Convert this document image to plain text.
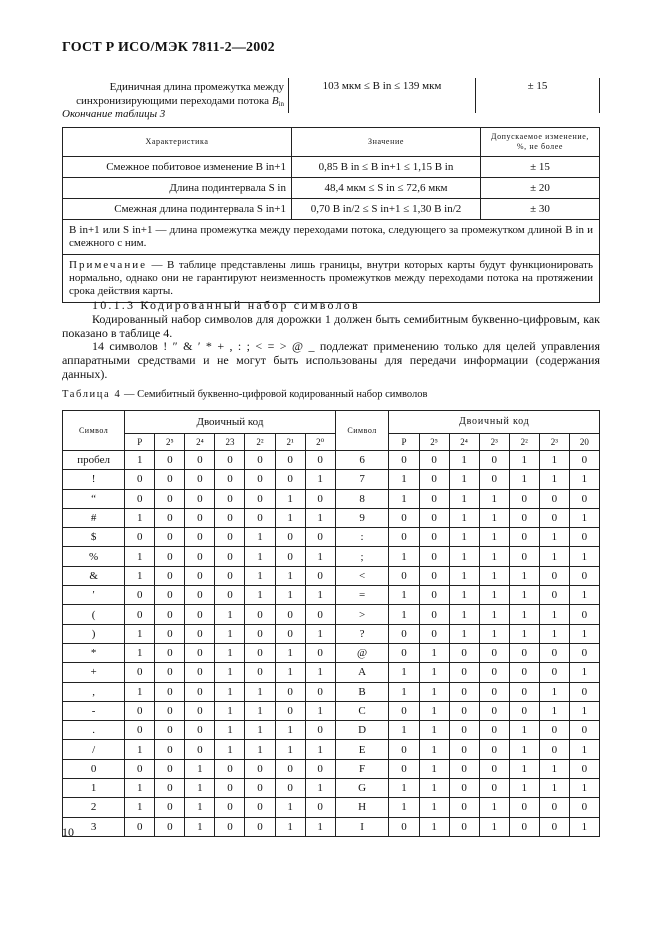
ГОСТ Р ИСО/МЭК 7811-2—2002
Единичная длина промежутка между
синхронизирующими переходами потока $B_{in}$	103 мкм ≤ B in ≤ 139 мкм	± 15
Окончание таблицы 3
Характеристика	Значение	Допускаемое изменение, %, не более
Смежное побитовое изменение B in+1	0,85 B in ≤ B in+1 ≤ 1,15 B in	± 15
Длина подинтервала S in	48,4 мкм ≤ S in ≤ 72,6 мкм	± 20
Смежная длина подинтервала S in+1	0,70 B in/2 ≤ S in+1 ≤ 1,30 B in/2	± 30
B in+1 или S in+1 — длина промежутка между переходами потока, следующего за промежутком длиной B in и смежного с ним.		
Примечание — В таблице представлены лишь границы, внутри которых карты будут функционировать нормально, однако они не гарантируют неизменность промежутков между переходами потока на протяжении срока действия карты.		
10.1.3 Кодированный набор символов
Кодированный набор символов для дорожки 1 должен быть семибитным буквенно-цифровым, как показано в таблице 4.
14 символов ! ″ & ′ * + , : ; < = > @ _ подлежат применению только для целей управления аппаратными средствами и не могут быть использованы для передачи информации (содержания данных).
Таблица 4 — Семибитный буквенно-цифровой кодированный набор символов
Символ	Двоичный код							Символ	Двоичный код						
	P	2⁵	2⁴	23	2²	2¹	2⁰		P	2⁵	2⁴	2³	2²	2³	20
пробел	1	0	0	0	0	0	0	6	0	0	1	0	1	1	0
!	0	0	0	0	0	0	1	7	1	0	1	0	1	1	1
“	0	0	0	0	0	1	0	8	1	0	1	1	0	0	0
#	1	0	0	0	0	1	1	9	0	0	1	1	0	0	1
$	0	0	0	0	1	0	0	:	0	0	1	1	0	1	0
%	1	0	0	0	1	0	1	;	1	0	1	1	0	1	1
&	1	0	0	0	1	1	0	<	0	0	1	1	1	0	0
′	0	0	0	0	1	1	1	=	1	0	1	1	1	0	1
(	0	0	0	1	0	0	0	>	1	0	1	1	1	1	0
)	1	0	0	1	0	0	1	?	0	0	1	1	1	1	1
*	1	0	0	1	0	1	0	@	0	1	0	0	0	0	0
+	0	0	0	1	0	1	1	A	1	1	0	0	0	0	1
,	1	0	0	1	1	0	0	B	1	1	0	0	0	1	0
-	0	0	0	1	1	0	1	C	0	1	0	0	0	1	1
.	0	0	0	1	1	1	0	D	1	1	0	0	1	0	0
/	1	0	0	1	1	1	1	E	0	1	0	0	1	0	1
0	0	0	1	0	0	0	0	F	0	1	0	0	1	1	0
1	1	0	1	0	0	0	1	G	1	1	0	0	1	1	1
2	1	0	1	0	0	1	0	H	1	1	0	1	0	0	0
3	0	0	1	0	0	1	1	I	0	1	0	1	0	0	1
10
